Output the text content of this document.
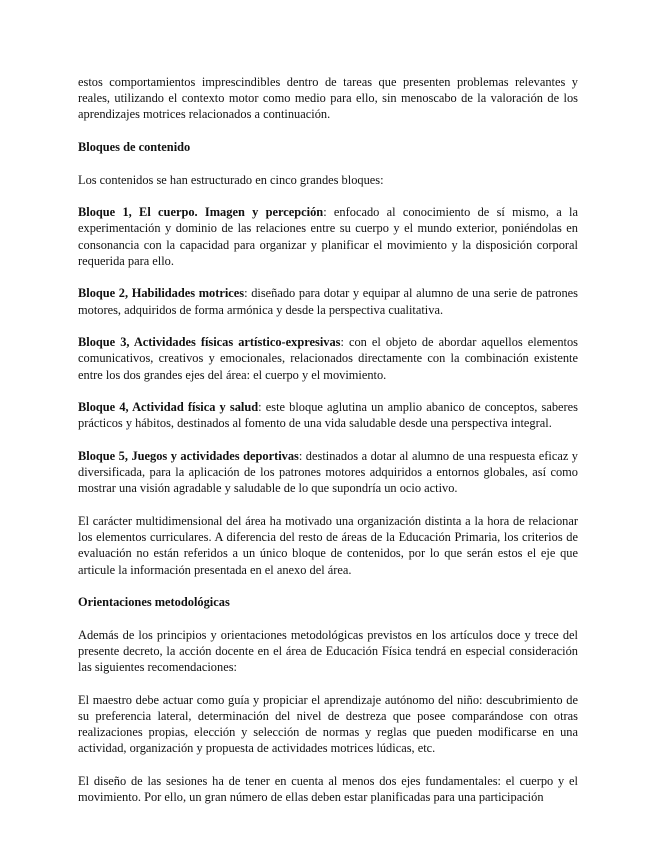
estos comportamientos imprescindibles dentro de tareas que presenten problemas relevantes y reales, utilizando el contexto motor como medio para ello, sin menoscabo de la valoración de los aprendizajes motrices relacionados a continuación.

Bloques de contenido

Los contenidos se han estructurado en cinco grandes bloques:

Bloque 1, El cuerpo. Imagen y percepción: enfocado al conocimiento de sí mismo, a la experimentación y dominio de las relaciones entre su cuerpo y el mundo exterior, poniéndolas en consonancia con la capacidad para organizar y planificar el movimiento y la disposición corporal requerida para ello.

Bloque 2, Habilidades motrices: diseñado para dotar y equipar al alumno de una serie de patrones motores, adquiridos de forma armónica y desde la perspectiva cualitativa.

Bloque 3, Actividades físicas artístico-expresivas: con el objeto de abordar aquellos elementos comunicativos, creativos y emocionales, relacionados directamente con la combinación existente entre los dos grandes ejes del área: el cuerpo y el movimiento.

Bloque 4, Actividad física y salud: este bloque aglutina un amplio abanico de conceptos, saberes prácticos y hábitos, destinados al fomento de una vida saludable desde una perspectiva integral.

Bloque 5, Juegos y actividades deportivas: destinados a dotar al alumno de una respuesta eficaz y diversificada, para la aplicación de los patrones motores adquiridos a entornos globales, así como mostrar una visión agradable y saludable de lo que supondría un ocio activo.

El carácter multidimensional del área ha motivado una organización distinta a la hora de relacionar los elementos curriculares. A diferencia del resto de áreas de la Educación Primaria, los criterios de evaluación no están referidos a un único bloque de contenidos, por lo que serán estos el eje que articule la información presentada en el anexo del área.

Orientaciones metodológicas

Además de los principios y orientaciones metodológicas previstos en los artículos doce y trece del presente decreto, la acción docente en el área de Educación Física tendrá en especial consideración las siguientes recomendaciones:

El maestro debe actuar como guía y propiciar el aprendizaje autónomo del niño: descubrimiento de su preferencia lateral, determinación del nivel de destreza que posee comparándose con otras realizaciones propias, elección y selección de normas y reglas que pueden modificarse en una actividad, organización y propuesta de actividades motrices lúdicas, etc.

El diseño de las sesiones ha de tener en cuenta al menos dos ejes fundamentales: el cuerpo y el movimiento. Por ello, un gran número de ellas deben estar planificadas para una participación
